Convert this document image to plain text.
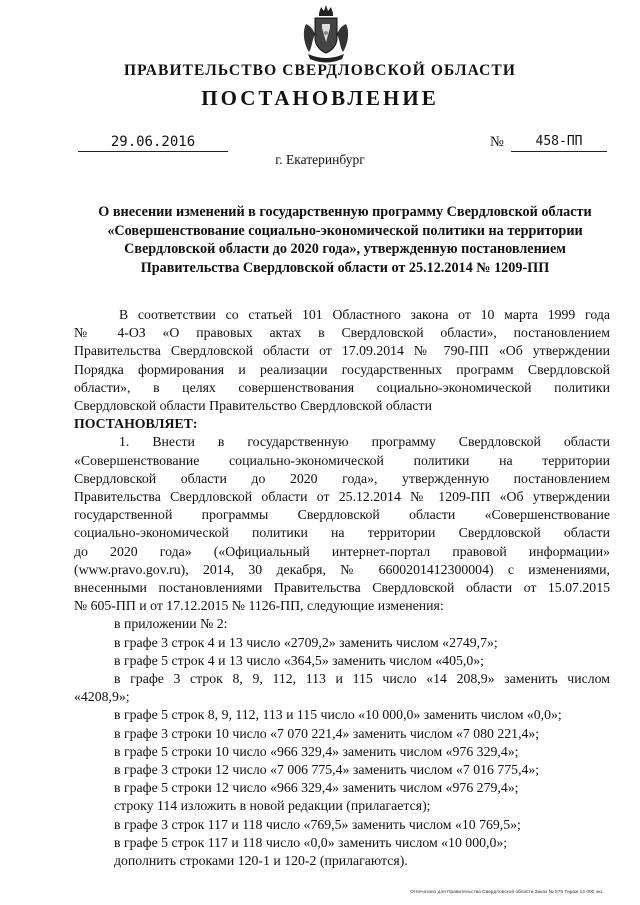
ПРАВИТЕЛЬСТВО СВЕРДЛОВСКОЙ ОБЛАСТИ
ПОСТАНОВЛЕНИЕ
29.06.2016	№	458-ПП
г. Екатеринбург
О внесении изменений в государственную программу Свердловской области
«Совершенствование социально-экономической политики на территории
Свердловской области до 2020 года», утвержденную постановлением
Правительства Свердловской области от 25.12.2014 № 1209-ПП
В соответствии со статьей 101 Областного закона от 10 марта 1999 года
№ 4-ОЗ «О правовых актах в Свердловской области», постановлением
Правительства Свердловской области от 17.09.2014 № 790-ПП «Об утверждении
Порядка формирования и реализации государственных программ Свердловской
области», в целях совершенствования социально-экономической политики
Свердловской области Правительство Свердловской области
ПОСТАНОВЛЯЕТ:
1. Внести в государственную программу Свердловской области
«Совершенствование социально-экономической политики на территории
Свердловской области до 2020 года», утвержденную постановлением
Правительства Свердловской области от 25.12.2014 № 1209-ПП «Об утверждении
государственной программы Свердловской области «Совершенствование
социально-экономической политики на территории Свердловской области
до 2020 года» («Официальный интернет-портал правовой информации»
(www.pravo.gov.ru), 2014, 30 декабря, № 6600201412300004) с изменениями,
внесенными постановлениями Правительства Свердловской области от 15.07.2015
№ 605-ПП и от 17.12.2015 № 1126-ПП, следующие изменения:
в приложении № 2:
в графе 3 строк 4 и 13 число «2709,2» заменить числом «2749,7»;
в графе 5 строк 4 и 13 число «364,5» заменить числом «405,0»;
в графе 3 строк 8, 9, 112, 113 и 115 число «14 208,9» заменить числом
«4208,9»;
в графе 5 строк 8, 9, 112, 113 и 115 число «10 000,0» заменить числом «0,0»;
в графе 3 строки 10 число «7 070 221,4» заменить числом «7 080 221,4»;
в графе 5 строки 10 число «966 329,4» заменить числом «976 329,4»;
в графе 3 строки 12 число «7 006 775,4» заменить числом «7 016 775,4»;
в графе 5 строки 12 число «966 329,4» заменить числом «976 279,4»;
строку 114 изложить в новой редакции (прилагается);
в графе 3 строк 117 и 118 число «769,5» заменить числом «10 769,5»;
в графе 5 строк 117 и 118 число «0,0» заменить числом «10 000,0»;
дополнить строками 120-1 и 120-2 (прилагаются).
Отпечатано для Правительства Свердловской области Заказ № 575 Тираж 14 000 экз.
